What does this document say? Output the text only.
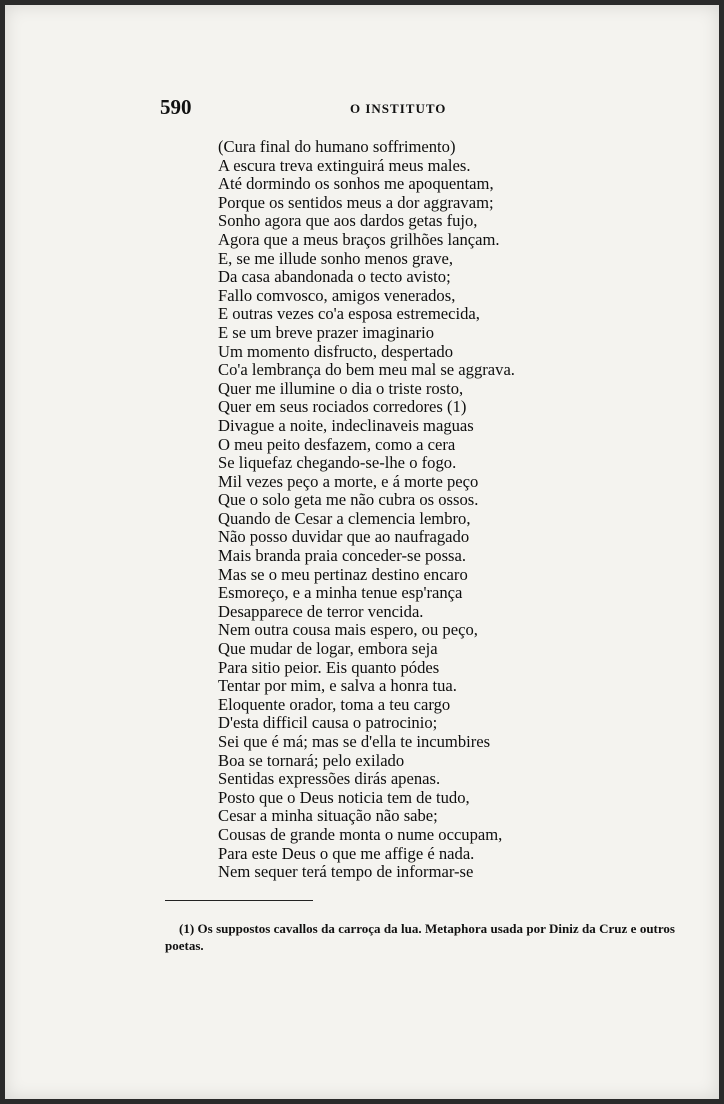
590	O INSTITUTO
(Cura final do humano soffrimento)
A escura treva extinguirá meus males.
Até dormindo os sonhos me apoquentam,
Porque os sentidos meus a dor aggravam;
Sonho agora que aos dardos getas fujo,
Agora que a meus braços grilhões lançam.
E, se me illude sonho menos grave,
Da casa abandonada o tecto avisto;
Fallo comvosco, amigos venerados,
E outras vezes co'a esposa estremecida,
E se um breve prazer imaginario
Um momento disfructo, despertado
Co'a lembrança do bem meu mal se aggrava.
Quer me illumine o dia o triste rosto,
Quer em seus rociados corredores (1)
Divague a noite, indeclinaveis maguas
O meu peito desfazem, como a cera
Se liquefaz chegando-se-lhe o fogo.
Mil vezes peço a morte, e á morte peço
Que o solo geta me não cubra os ossos.
Quando de Cesar a clemencia lembro,
Não posso duvidar que ao naufragado
Mais branda praia conceder-se possa.
Mas se o meu pertinaz destino encaro
Esmoreço, e a minha tenue esp'rança
Desapparece de terror vencida.
Nem outra cousa mais espero, ou peço,
Que mudar de logar, embora seja
Para sitio peior. Eis quanto pódes
Tentar por mim, e salva a honra tua.
Eloquente orador, toma a teu cargo
D'esta difficil causa o patrocinio;
Sei que é má; mas se d'ella te incumbires
Boa se tornará; pelo exilado
Sentidas expressões dirás apenas.
Posto que o Deus noticia tem de tudo,
Cesar a minha situação não sabe;
Cousas de grande monta o nume occupam,
Para este Deus o que me affige é nada.
Nem sequer terá tempo de informar-se
(1) Os suppostos cavallos da carroça da lua. Metaphora usada por Diniz da Cruz e outros poetas.
